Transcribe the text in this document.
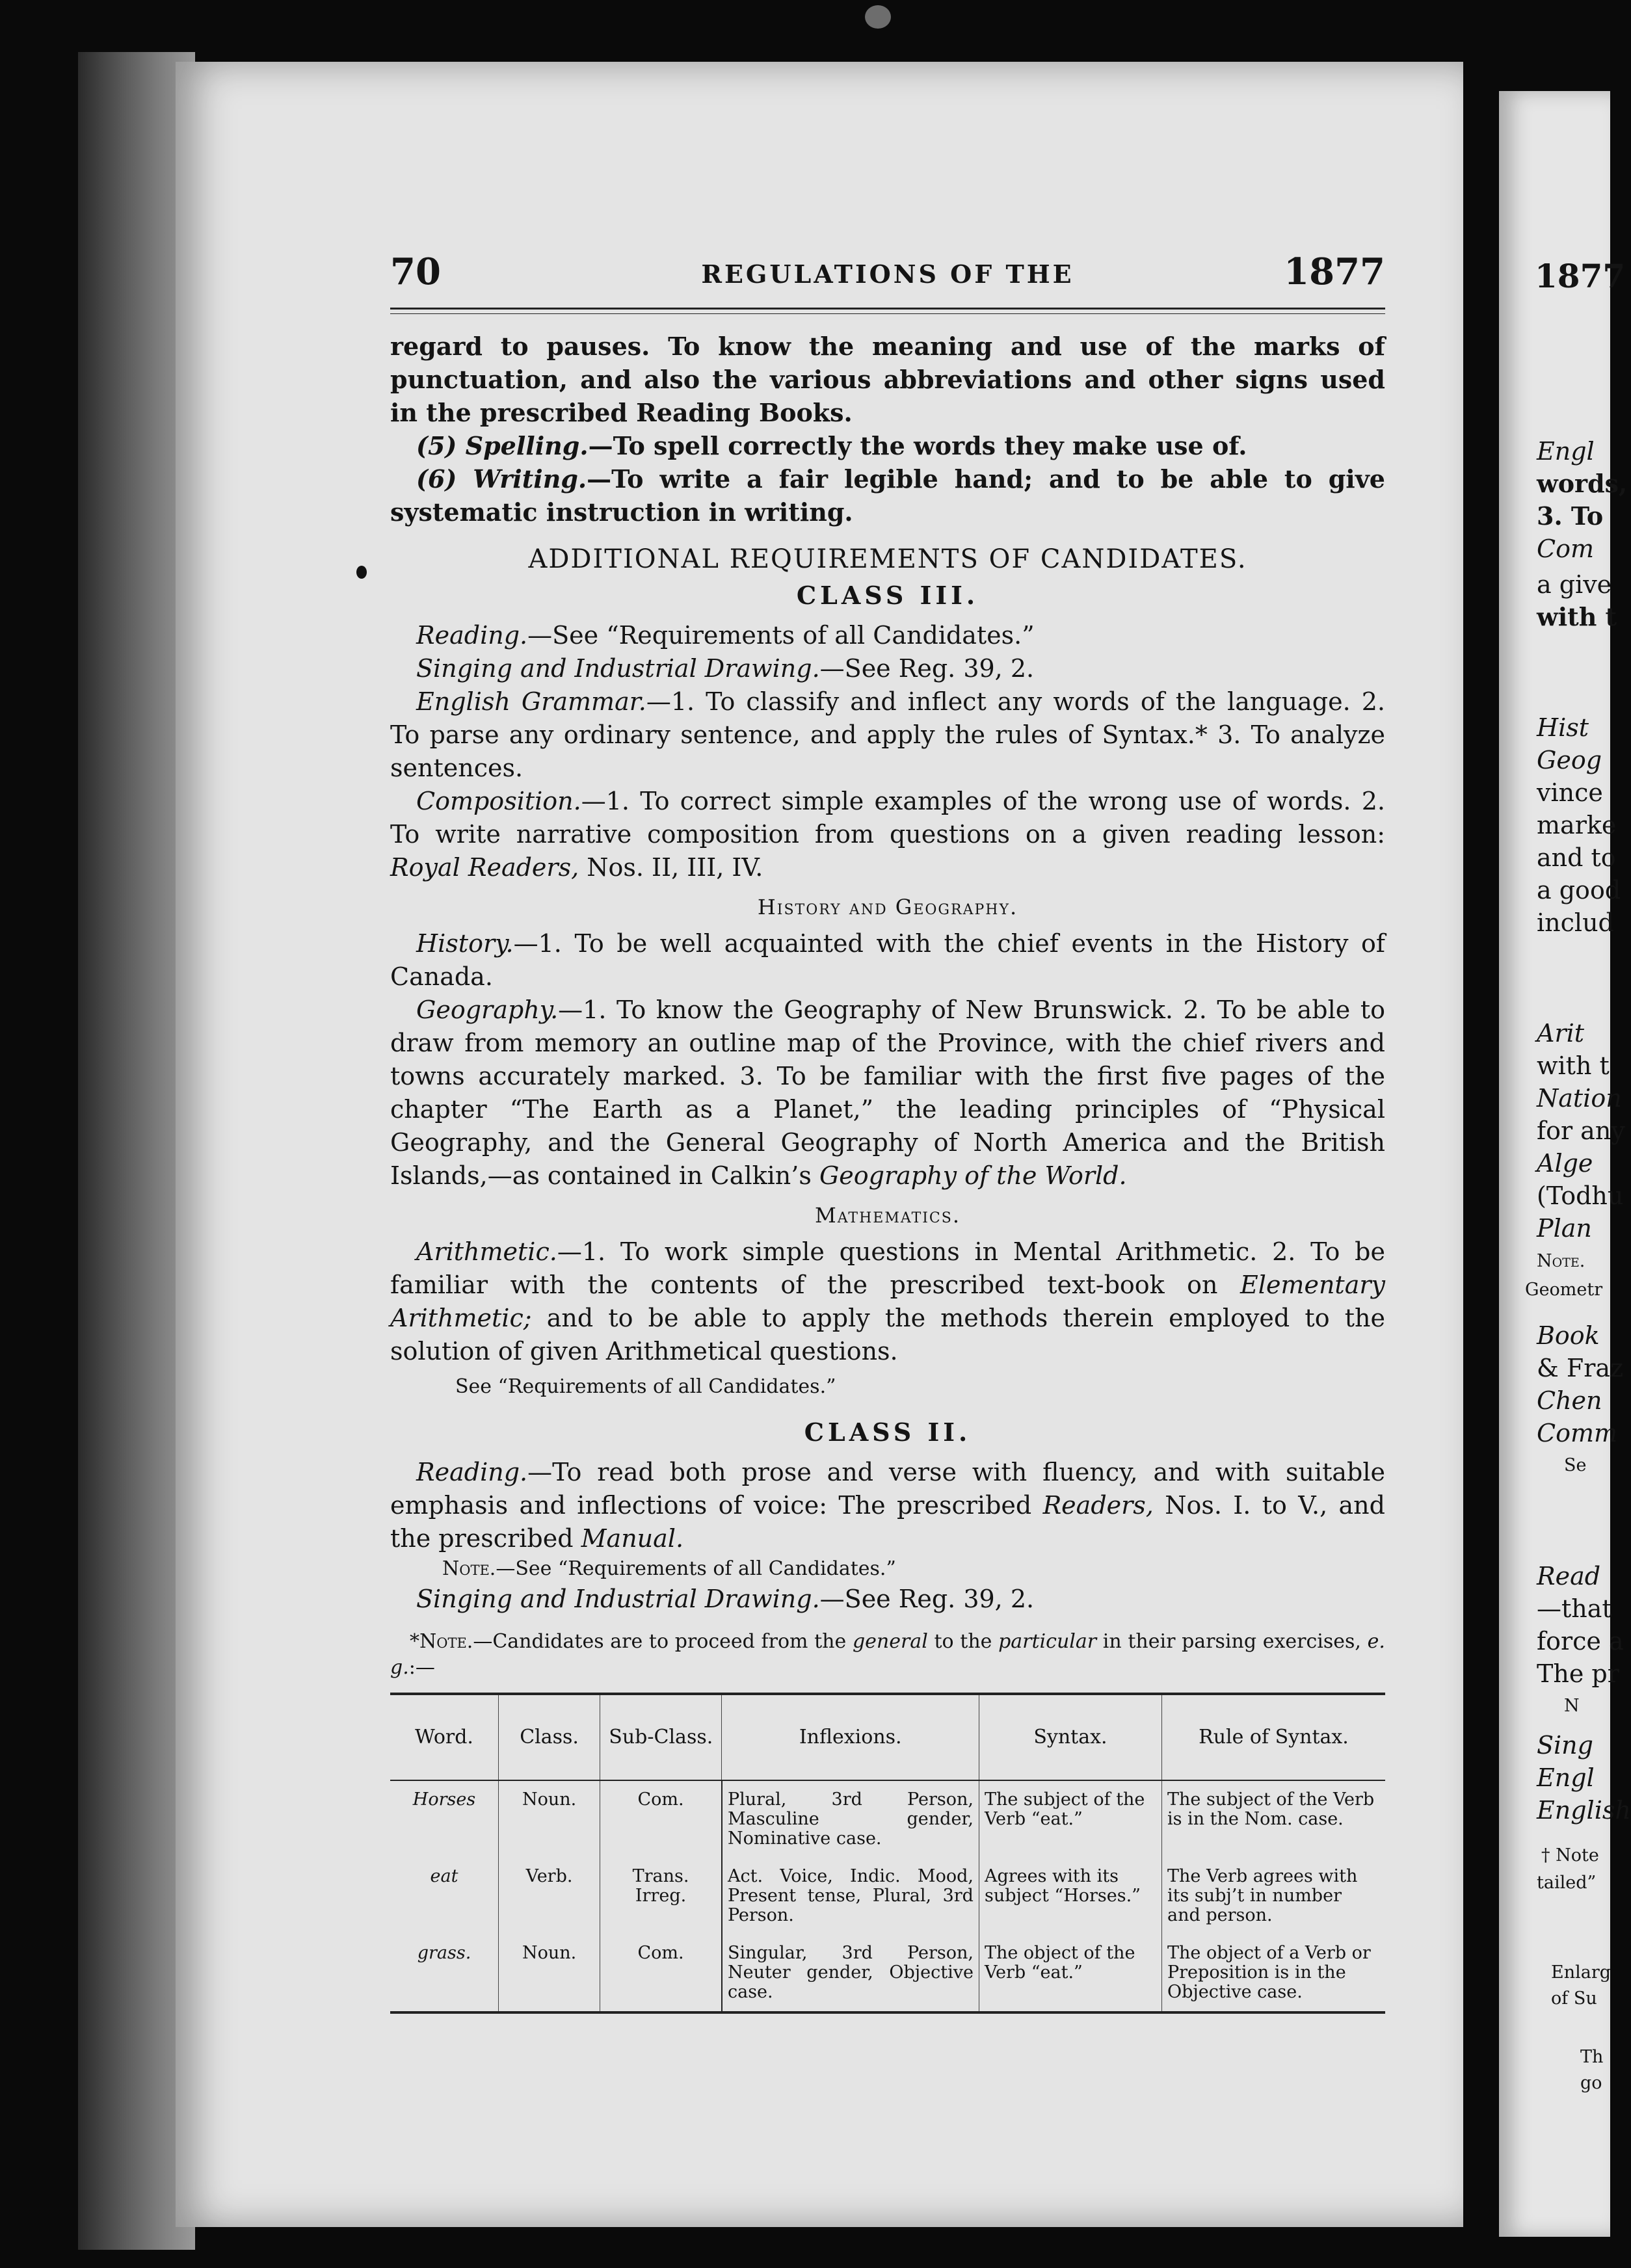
1877
Engl
words,
3. To
Com
a give
with t
Hist
Geog
vince
marke
and to
a good
includ
Arit
with t
Nation
for any
Alge
(Todhu
Plan
Note.
Geometr
Book
& Fraz
Chen
Comm
Se
Read
—that
force a
The pr
N
Sing
Engl
English
† Note
tailed”
Enlarg
of Su
Th
go
70	REGULATIONS OF THE	1877

regard to pauses. To know the meaning and use of the marks of punctuation, and also the various abbreviations and other signs used in the prescribed Reading Books.

(5) Spelling.—To spell correctly the words they make use of.

(6) Writing.—To write a fair legible hand; and to be able to give systematic instruction in writing.

ADDITIONAL REQUIREMENTS OF CANDIDATES.
CLASS III.

Reading.—See “Requirements of all Candidates.”

Singing and Industrial Drawing.—See Reg. 39, 2.

English Grammar.—1. To classify and inflect any words of the language. 2. To parse any ordinary sentence, and apply the rules of Syntax.* 3. To analyze sentences.

Composition.—1. To correct simple examples of the wrong use of words. 2. To write narrative composition from questions on a given reading lesson: Royal Readers, Nos. II, III, IV.

History and Geography.

History.—1. To be well acquainted with the chief events in the History of Canada.

Geography.—1. To know the Geography of New Brunswick. 2. To be able to draw from memory an outline map of the Province, with the chief rivers and towns accurately marked. 3. To be familiar with the first five pages of the chapter “The Earth as a Planet,” the leading principles of “Physical Geography, and the General Geography of North America and the British Islands,—as contained in Calkin’s Geography of the World.

Mathematics.

Arithmetic.—1. To work simple questions in Mental Arithmetic. 2. To be familiar with the contents of the prescribed text-book on Elementary Arithmetic; and to be able to apply the methods therein employed to the solution of given Arithmetical questions.

See “Requirements of all Candidates.”
CLASS II.

Reading.—To read both prose and verse with fluency, and with suitable emphasis and inflections of voice: The prescribed Readers, Nos. I. to V., and the prescribed Manual.

Note.—See “Requirements of all Candidates.”

Singing and Industrial Drawing.—See Reg. 39, 2.

*Note.—Candidates are to proceed from the general to the particular in their parsing exercises, e. g.:—
Word.	Class.	Sub-Class.	Inflexions.	Syntax.	Rule of Syntax.
Horses	Noun.	Com.	Plural, 3rd Person, Masculine gender, Nominative case.	The subject of the Verb “eat.”	The subject of the Verb is in the Nom. case.
eat	Verb.	Trans. Irreg.	Act. Voice, Indic. Mood, Present tense, Plural, 3rd Person.	Agrees with its subject “Horses.”	The Verb agrees with its subj’t in number and person.
grass.	Noun.	Com.	Singular, 3rd Person, Neuter gender, Objective case.	The object of the Verb “eat.”	The object of a Verb or Preposition is in the Objective case.
